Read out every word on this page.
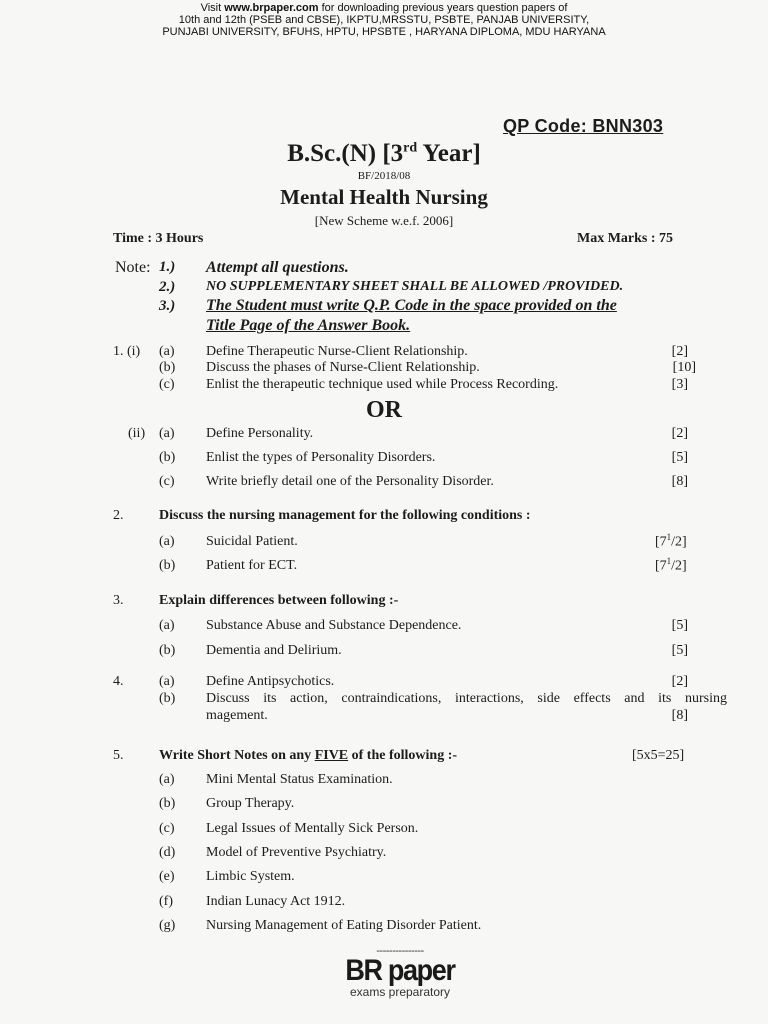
Visit www.brpaper.com for downloading previous years question papers of
10th and 12th (PSEB and CBSE), IKPTU,MRSSTU, PSBTE, PANJAB UNIVERSITY,
PUNJABI UNIVERSITY, BFUHS, HPTU, HPSBTE , HARYANA DIPLOMA, MDU HARYANA
QP Code: BNN303
B.Sc.(N) [3rd Year]
BF/2018/08
Mental Health Nursing
[New Scheme w.e.f. 2006]
Time : 3 Hours	Max Marks : 75
Note: 1.)
2.)
3.)
Attempt all questions.
NO SUPPLEMENTARY SHEET SHALL BE ALLOWED /PROVIDED.
The Student must write Q.P. Code in the space provided on the
Title Page of the Answer Book.
1. (i) (a) Define Therapeutic Nurse-Client Relationship.	[2]
(b) Discuss the phases of Nurse-Client Relationship.	[10]
(c) Enlist the therapeutic technique used while Process Recording.	[3]
OR
(ii) (a) Define Personality.	[2]
(b) Enlist the types of Personality Disorders.	[5]
(c) Write briefly detail one of the Personality Disorder.	[8]
2.	Discuss the nursing management for the following conditions :
(a) Suicidal Patient.	$[7^1/2]$
(b) Patient for ECT.	$[7^1/2]$
3.	Explain differences between following :-
(a) Substance Abuse and Substance Dependence.	[5]
(b) Dementia and Delirium.	[5]
4.	(a) Define Antipsychotics.	[2]
(b) Discuss its action, contraindications, interactions, side effects and its nursing
magement.	[8]
5.	Write Short Notes on any FIVE of the following :-	[5x5=25]
(a) Mini Mental Status Examination.
(b) Group Therapy.
(c) Legal Issues of Mentally Sick Person.
(d) Model of Preventive Psychiatry.
(e) Limbic System.
(f) Indian Lunacy Act 1912.
(g) Nursing Management of Eating Disorder Patient.
---------------
BR paper
exams preparatory
